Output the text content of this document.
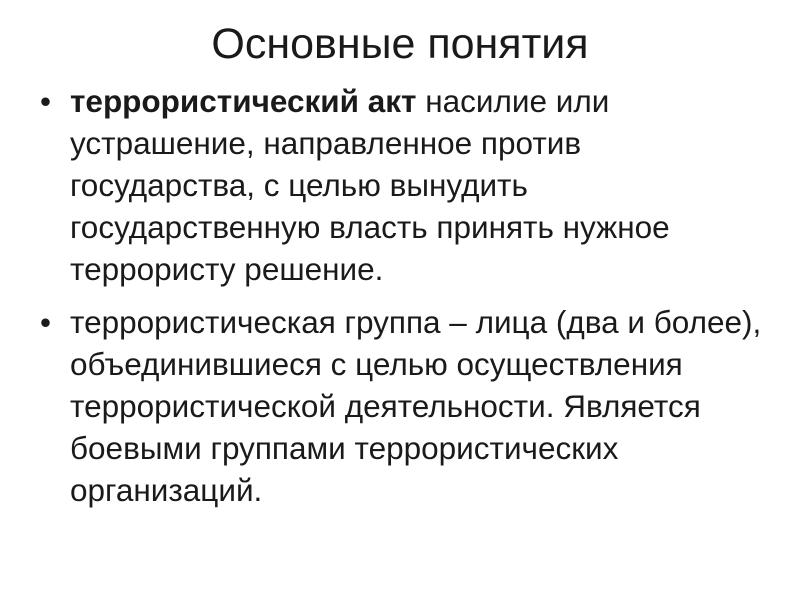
Основные понятия
• террористический акт насилие или устрашение, направленное против государства, с целью вынудить государственную власть принять нужное террористу решение.
• террористическая группа – лица (два и более), объединившиеся с целью осуществления террористической деятельности. Является боевыми группами террористических организаций.
